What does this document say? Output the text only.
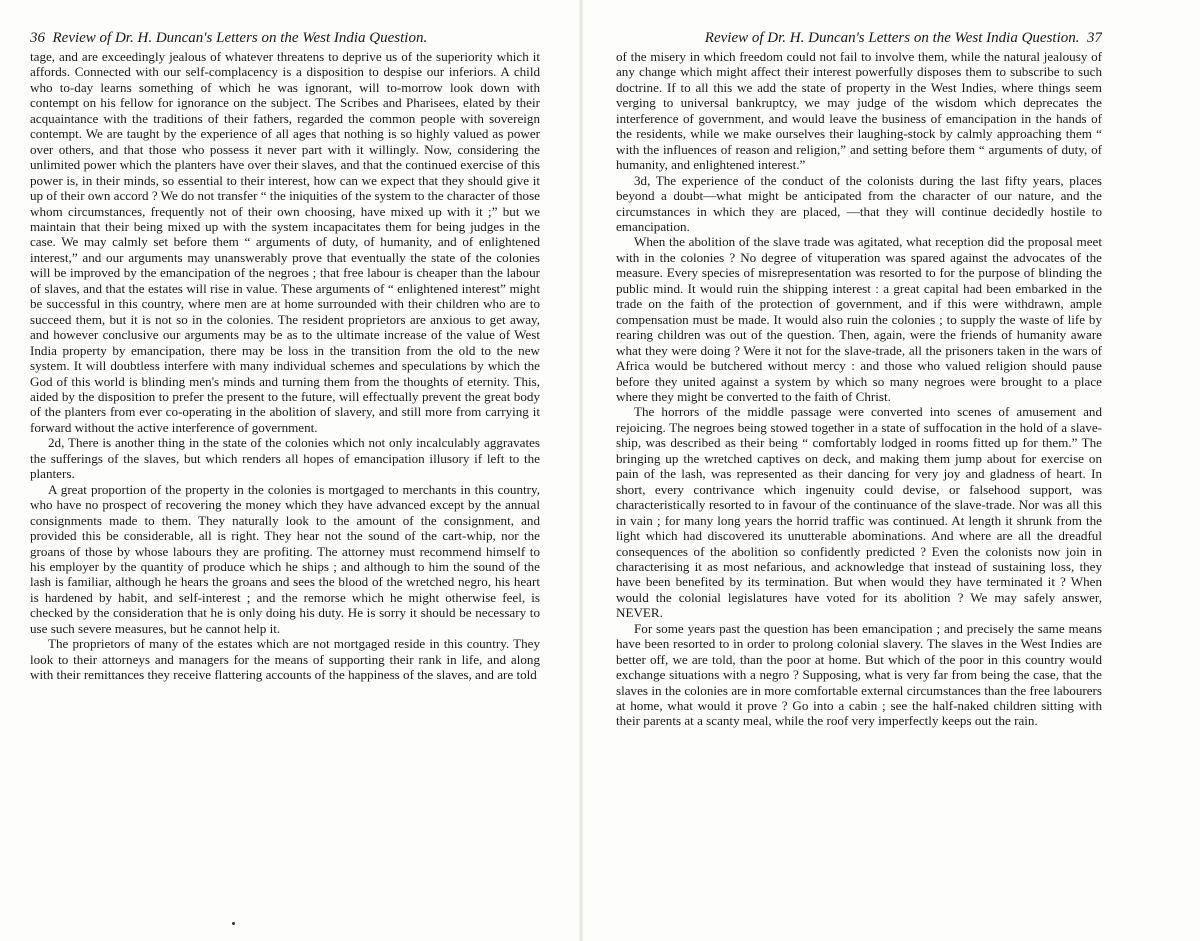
36 Review of Dr. H. Duncan's Letters on the West India Question.

tage, and are exceedingly jealous of whatever threatens to deprive us of the superiority which it affords. Connected with our self-complacency is a disposition to despise our inferiors. A child who to-day learns something of which he was ignorant, will to-morrow look down with contempt on his fellow for ignorance on the subject. The Scribes and Pharisees, elated by their acquaintance with the traditions of their fathers, regarded the common people with sovereign contempt. We are taught by the experience of all ages that nothing is so highly valued as power over others, and that those who possess it never part with it willingly. Now, considering the unlimited power which the planters have over their slaves, and that the continued exercise of this power is, in their minds, so essential to their interest, how can we expect that they should give it up of their own accord ? We do not transfer “ the iniquities of the system to the character of those whom circumstances, frequently not of their own choosing, have mixed up with it ;” but we maintain that their being mixed up with the system incapacitates them for being judges in the case. We may calmly set before them “ arguments of duty, of humanity, and of enlightened interest,” and our arguments may unanswerably prove that eventually the state of the colonies will be improved by the emancipation of the negroes ; that free labour is cheaper than the labour of slaves, and that the estates will rise in value. These arguments of “ enlightened interest” might be successful in this country, where men are at home surrounded with their children who are to succeed them, but it is not so in the colonies. The resident proprietors are anxious to get away, and however conclusive our arguments may be as to the ultimate increase of the value of West India property by emancipation, there may be loss in the transition from the old to the new system. It will doubtless interfere with many individual schemes and speculations by which the God of this world is blinding men's minds and turning them from the thoughts of eternity. This, aided by the disposition to prefer the present to the future, will effectually prevent the great body of the planters from ever co-operating in the abolition of slavery, and still more from carrying it forward without the active interference of government.

2d, There is another thing in the state of the colonies which not only incalculably aggravates the sufferings of the slaves, but which renders all hopes of emancipation illusory if left to the planters.

A great proportion of the property in the colonies is mortgaged to merchants in this country, who have no prospect of recovering the money which they have advanced except by the annual consignments made to them. They naturally look to the amount of the consignment, and provided this be considerable, all is right. They hear not the sound of the cart-whip, nor the groans of those by whose labours they are profiting. The attorney must recommend himself to his employer by the quantity of produce which he ships ; and although to him the sound of the lash is familiar, although he hears the groans and sees the blood of the wretched negro, his heart is hardened by habit, and self-interest ; and the remorse which he might otherwise feel, is checked by the consideration that he is only doing his duty. He is sorry it should be necessary to use such severe measures, but he cannot help it.

The proprietors of many of the estates which are not mortgaged reside in this country. They look to their attorneys and managers for the means of supporting their rank in life, and along with their remittances they receive flattering accounts of the happiness of the slaves, and are told

Review of Dr. H. Duncan's Letters on the West India Question. 37

of the misery in which freedom could not fail to involve them, while the natural jealousy of any change which might affect their interest powerfully disposes them to subscribe to such doctrine. If to all this we add the state of property in the West Indies, where things seem verging to universal bankruptcy, we may judge of the wisdom which deprecates the interference of government, and would leave the business of emancipation in the hands of the residents, while we make ourselves their laughing-stock by calmly approaching them “ with the influences of reason and religion,” and setting before them “ arguments of duty, of humanity, and enlightened interest.”

3d, The experience of the conduct of the colonists during the last fifty years, places beyond a doubt—what might be anticipated from the character of our nature, and the circumstances in which they are placed, —that they will continue decidedly hostile to emancipation.

When the abolition of the slave trade was agitated, what reception did the proposal meet with in the colonies ? No degree of vituperation was spared against the advocates of the measure. Every species of misrepresentation was resorted to for the purpose of blinding the public mind. It would ruin the shipping interest : a great capital had been embarked in the trade on the faith of the protection of government, and if this were withdrawn, ample compensation must be made. It would also ruin the colonies ; to supply the waste of life by rearing children was out of the question. Then, again, were the friends of humanity aware what they were doing ? Were it not for the slave-trade, all the prisoners taken in the wars of Africa would be butchered without mercy : and those who valued religion should pause before they united against a system by which so many negroes were brought to a place where they might be converted to the faith of Christ.

The horrors of the middle passage were converted into scenes of amusement and rejoicing. The negroes being stowed together in a state of suffocation in the hold of a slave-ship, was described as their being “ comfortably lodged in rooms fitted up for them.” The bringing up the wretched captives on deck, and making them jump about for exercise on pain of the lash, was represented as their dancing for very joy and gladness of heart. In short, every contrivance which ingenuity could devise, or falsehood support, was characteristically resorted to in favour of the continuance of the slave-trade. Nor was all this in vain ; for many long years the horrid traffic was continued. At length it shrunk from the light which had discovered its unutterable abominations. And where are all the dreadful consequences of the abolition so confidently predicted ? Even the colonists now join in characterising it as most nefarious, and acknowledge that instead of sustaining loss, they have been benefited by its termination. But when would they have terminated it ? When would the colonial legislatures have voted for its abolition ? We may safely answer, NEVER.

For some years past the question has been emancipation ; and precisely the same means have been resorted to in order to prolong colonial slavery. The slaves in the West Indies are better off, we are told, than the poor at home. But which of the poor in this country would exchange situations with a negro ? Supposing, what is very far from being the case, that the slaves in the colonies are in more comfortable external circumstances than the free labourers at home, what would it prove ? Go into a cabin ; see the half-naked children sitting with their parents at a scanty meal, while the roof very imperfectly keeps out the rain.
